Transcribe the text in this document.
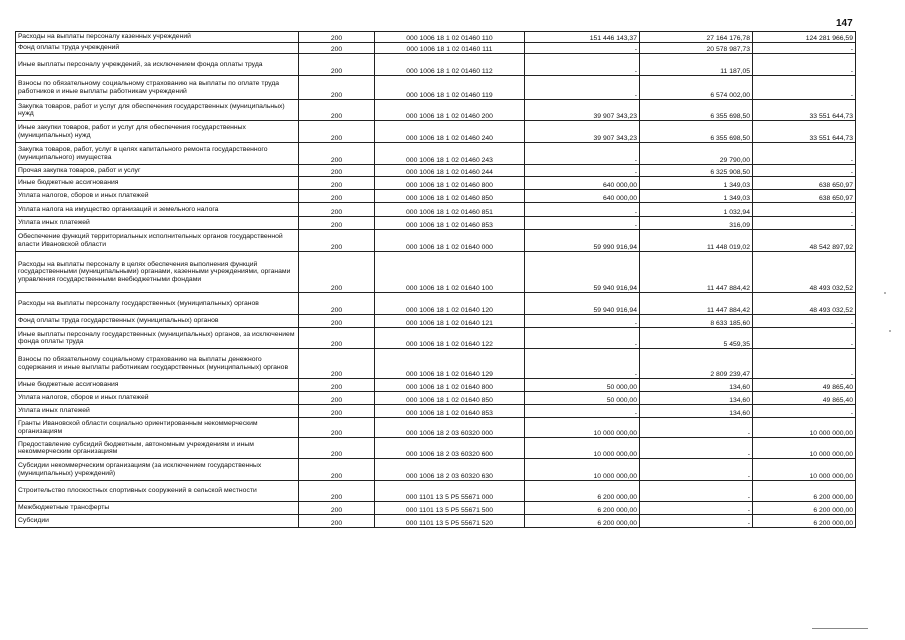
147
Расходы на выплаты персоналу казенных учреждений	200	000 1006 18 1 02 01460 110	151 446 143,37	27 164 176,78	124 281 966,59
Фонд оплаты труда учреждений	200	000 1006 18 1 02 01460 111	-	20 578 987,73	-
Иные выплаты персоналу учреждений, за исключением фонда оплаты труда	200	000 1006 18 1 02 01460 112	-	11 187,05	-
Взносы по обязательному социальному страхованию на выплаты по оплате труда работников и иные выплаты работникам учреждений	200	000 1006 18 1 02 01460 119	-	6 574 002,00	-
Закупка товаров, работ и услуг для обеспечения государственных (муниципальных) нужд	200	000 1006 18 1 02 01460 200	39 907 343,23	6 355 698,50	33 551 644,73
Иные закупки товаров, работ и услуг для обеспечения государственных (муниципальных) нужд	200	000 1006 18 1 02 01460 240	39 907 343,23	6 355 698,50	33 551 644,73
Закупка товаров, работ, услуг в целях капитального ремонта государственного (муниципального) имущества	200	000 1006 18 1 02 01460 243	-	29 790,00	-
Прочая закупка товаров, работ и услуг	200	000 1006 18 1 02 01460 244	-	6 325 908,50	-
Иные бюджетные ассигнования	200	000 1006 18 1 02 01460 800	640 000,00	1 349,03	638 650,97
Уплата налогов, сборов и иных платежей	200	000 1006 18 1 02 01460 850	640 000,00	1 349,03	638 650,97
Уплата налога на имущество организаций и земельного налога	200	000 1006 18 1 02 01460 851	-	1 032,94	-
Уплата иных платежей	200	000 1006 18 1 02 01460 853	-	316,09	-
Обеспечение функций территориальных исполнительных органов государственной власти Ивановской области	200	000 1006 18 1 02 01640 000	59 990 916,94	11 448 019,02	48 542 897,92
Расходы на выплаты персоналу в целях обеспечения выполнения функций государственными (муниципальными) органами, казенными учреждениями, органами управления государственными внебюджетными фондами	200	000 1006 18 1 02 01640 100	59 940 916,94	11 447 884,42	48 493 032,52
Расходы на выплаты персоналу государственных (муниципальных) органов	200	000 1006 18 1 02 01640 120	59 940 916,94	11 447 884,42	48 493 032,52
Фонд оплаты труда государственных (муниципальных) органов	200	000 1006 18 1 02 01640 121	-	8 633 185,60	-
Иные выплаты персоналу государственных (муниципальных) органов, за исключением фонда оплаты труда	200	000 1006 18 1 02 01640 122	-	5 459,35	-
Взносы по обязательному социальному страхованию на выплаты денежного содержания и иные выплаты работникам государственных (муниципальных) органов	200	000 1006 18 1 02 01640 129	-	2 809 239,47	-
Иные бюджетные ассигнования	200	000 1006 18 1 02 01640 800	50 000,00	134,60	49 865,40
Уплата налогов, сборов и иных платежей	200	000 1006 18 1 02 01640 850	50 000,00	134,60	49 865,40
Уплата иных платежей	200	000 1006 18 1 02 01640 853	-	134,60	-
Гранты Ивановской области социально ориентированным некоммерческим организациям	200	000 1006 18 2 03 60320 000	10 000 000,00	-	10 000 000,00
Предоставление субсидий бюджетным, автономным учреждениям и иным некоммерческим организациям	200	000 1006 18 2 03 60320 600	10 000 000,00	-	10 000 000,00
Субсидии некоммерческим организациям (за исключением государственных (муниципальных) учреждений)	200	000 1006 18 2 03 60320 630	10 000 000,00	-	10 000 000,00
Строительство плоскостных спортивных сооружений в сельской местности	200	000 1101 13 5 P5 55671 000	6 200 000,00	-	6 200 000,00
Межбюджетные трансферты	200	000 1101 13 5 P5 55671 500	6 200 000,00	-	6 200 000,00
Субсидии	200	000 1101 13 5 P5 55671 520	6 200 000,00	-	6 200 000,00
